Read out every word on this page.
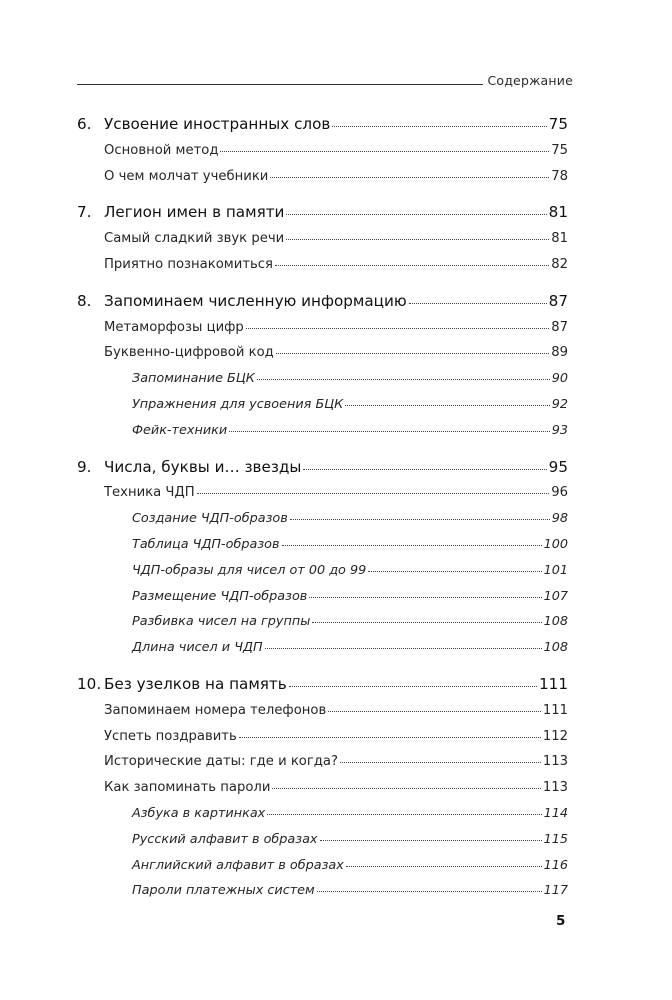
Содержание
6. Усвоение иностранных слов	75
Основной метод	75
О чем молчат учебники	78
7. Легион имен в памяти	81
Самый сладкий звук речи	81
Приятно познакомиться	82
8. Запоминаем численную информацию	87
Метаморфозы цифр	87
Буквенно-цифровой код	89
Запоминание БЦК	90
Упражнения для усвоения БЦК	92
Фейк-техники	93
9. Числа, буквы и… звезды	95
Техника ЧДП	96
Создание ЧДП-образов	98
Таблица ЧДП-образов	100
ЧДП-образы для чисел от 00 до 99	101
Размещение ЧДП-образов	107
Разбивка чисел на группы	108
Длина чисел и ЧДП	108
10. Без узелков на память	111
Запоминаем номера телефонов	111
Успеть поздравить	112
Исторические даты: где и когда?	113
Как запоминать пароли	113
Азбука в картинках	114
Русский алфавит в образах	115
Английский алфавит в образах	116
Пароли платежных систем	117
5
